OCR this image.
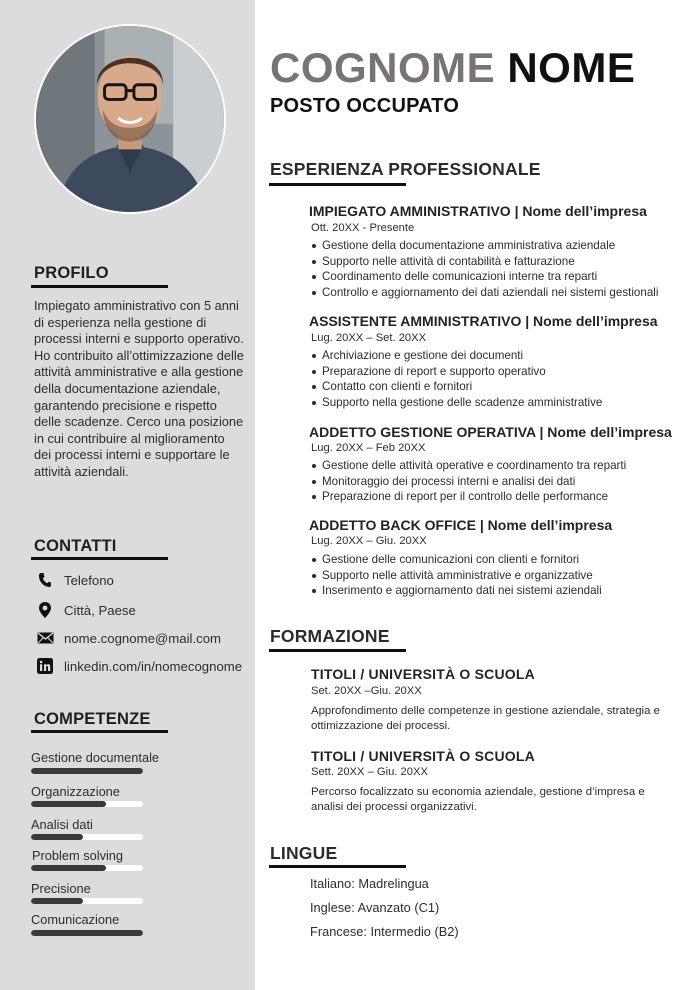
PROFILO

Impiegato amministrativo con 5 anni di esperienza nella gestione di processi interni e supporto operativo. Ho contribuito all’ottimizzazione delle attività amministrative e alla gestione della documentazione aziendale, garantendo precisione e rispetto delle scadenze. Cerco una posizione in cui contribuire al miglioramento dei processi interni e supportare le attività aziendali.

CONTATTI
Telefono
Città, Paese
nome.cognome@mail.com
linkedin.com/in/nomecognome
COMPETENZE
Gestione documentale
Organizzazione
Analisi dati
Problem solving
Precisione
Comunicazione
COGNOME NOME
POSTO OCCUPATO
ESPERIENZA PROFESSIONALE
IMPIEGATO AMMINISTRATIVO | Nome dell’impresa
Ott. 20XX - Presente
Gestione della documentazione amministrativa aziendale
Supporto nelle attività di contabilità e fatturazione
Coordinamento delle comunicazioni interne tra reparti
Controllo e aggiornamento dei dati aziendali nei sistemi gestionali
ASSISTENTE AMMINISTRATIVO | Nome dell’impresa
Lug. 20XX – Set. 20XX
Archiviazione e gestione dei documenti
Preparazione di report e supporto operativo
Contatto con clienti e fornitori
Supporto nella gestione delle scadenze amministrative
ADDETTO GESTIONE OPERATIVA | Nome dell’impresa
Lug. 20XX – Feb 20XX
Gestione delle attività operative e coordinamento tra reparti
Monitoraggio dei processi interni e analisi dei dati
Preparazione di report per il controllo delle performance
ADDETTO BACK OFFICE | Nome dell’impresa
Lug. 20XX – Giu. 20XX
Gestione delle comunicazioni con clienti e fornitori
Supporto nelle attività amministrative e organizzative
Inserimento e aggiornamento dati nei sistemi aziendali
FORMAZIONE
TITOLI / UNIVERSITÀ O SCUOLA
Set. 20XX –Giu. 20XX

Approfondimento delle competenze in gestione aziendale, strategia e ottimizzazione dei processi.

TITOLI / UNIVERSITÀ O SCUOLA
Sett. 20XX – Giu. 20XX

Percorso focalizzato su economia aziendale, gestione d’impresa e analisi dei processi organizzativi.

LINGUE
Italiano: Madrelingua
Inglese: Avanzato (C1)
Francese: Intermedio (B2)
